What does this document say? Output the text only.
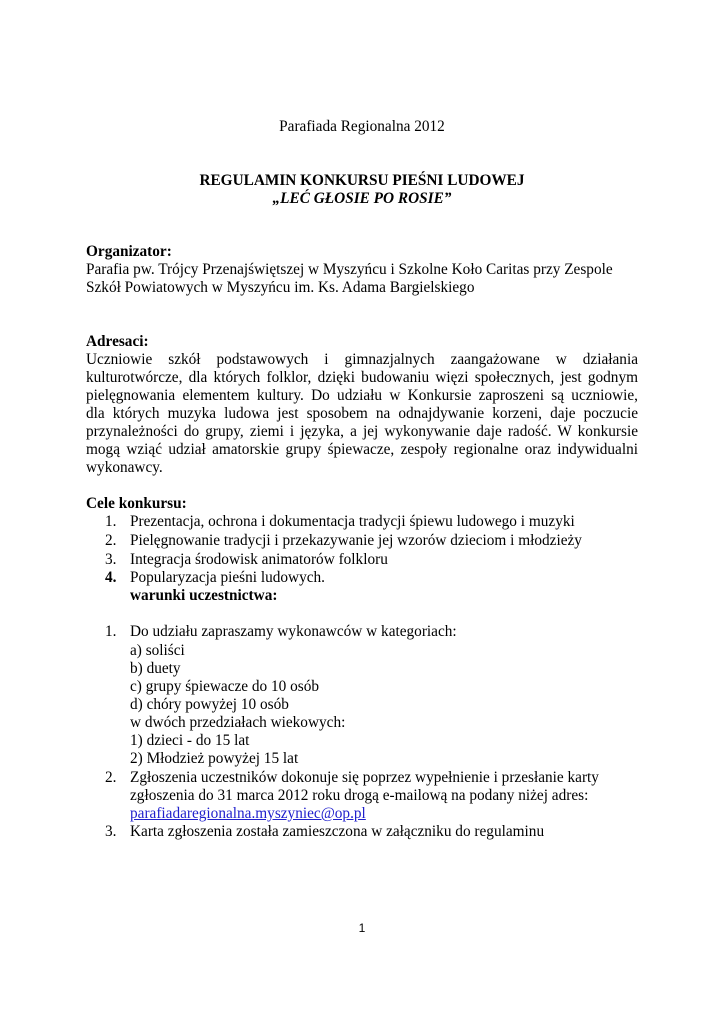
Parafiada Regionalna 2012
REGULAMIN KONKURSU PIEŚNI LUDOWEJ
„LEĆ GŁOSIE PO ROSIE”
Organizator:
Parafia pw. Trójcy Przenajświętszej w Myszyńcu i Szkolne Koło Caritas przy Zespole
Szkół Powiatowych w Myszyńcu im. Ks. Adama Bargielskiego
Adresaci:
Uczniowie szkół podstawowych i gimnazjalnych zaangażowane w działania
kulturotwórcze, dla których folklor, dzięki budowaniu więzi społecznych, jest godnym
pielęgnowania elementem kultury. Do udziału w Konkursie zaproszeni są uczniowie,
dla których muzyka ludowa jest sposobem na odnajdywanie korzeni, daje poczucie
przynależności do grupy, ziemi i języka, a jej wykonywanie daje radość. W konkursie
mogą wziąć udział amatorskie grupy śpiewacze, zespoły regionalne oraz indywidualni
wykonawcy.
Cele konkursu:
1. Prezentacja, ochrona i dokumentacja tradycji śpiewu ludowego i muzyki
2. Pielęgnowanie tradycji i przekazywanie jej wzorów dzieciom i młodzieży
3. Integracja środowisk animatorów folkloru
4. Popularyzacja pieśni ludowych.
warunki uczestnictwa:
1. Do udziału zapraszamy wykonawców w kategoriach:
a) soliści
b) duety
c) grupy śpiewacze do 10 osób
d) chóry powyżej 10 osób
w dwóch przedziałach wiekowych:
1) dzieci - do 15 lat
2) Młodzież powyżej 15 lat
2. Zgłoszenia uczestników dokonuje się poprzez wypełnienie i przesłanie karty
zgłoszenia do 31 marca 2012 roku drogą e-mailową na podany niżej adres:
parafiadaregionalna.myszyniec@op.pl
3. Karta zgłoszenia została zamieszczona w załączniku do regulaminu
1
